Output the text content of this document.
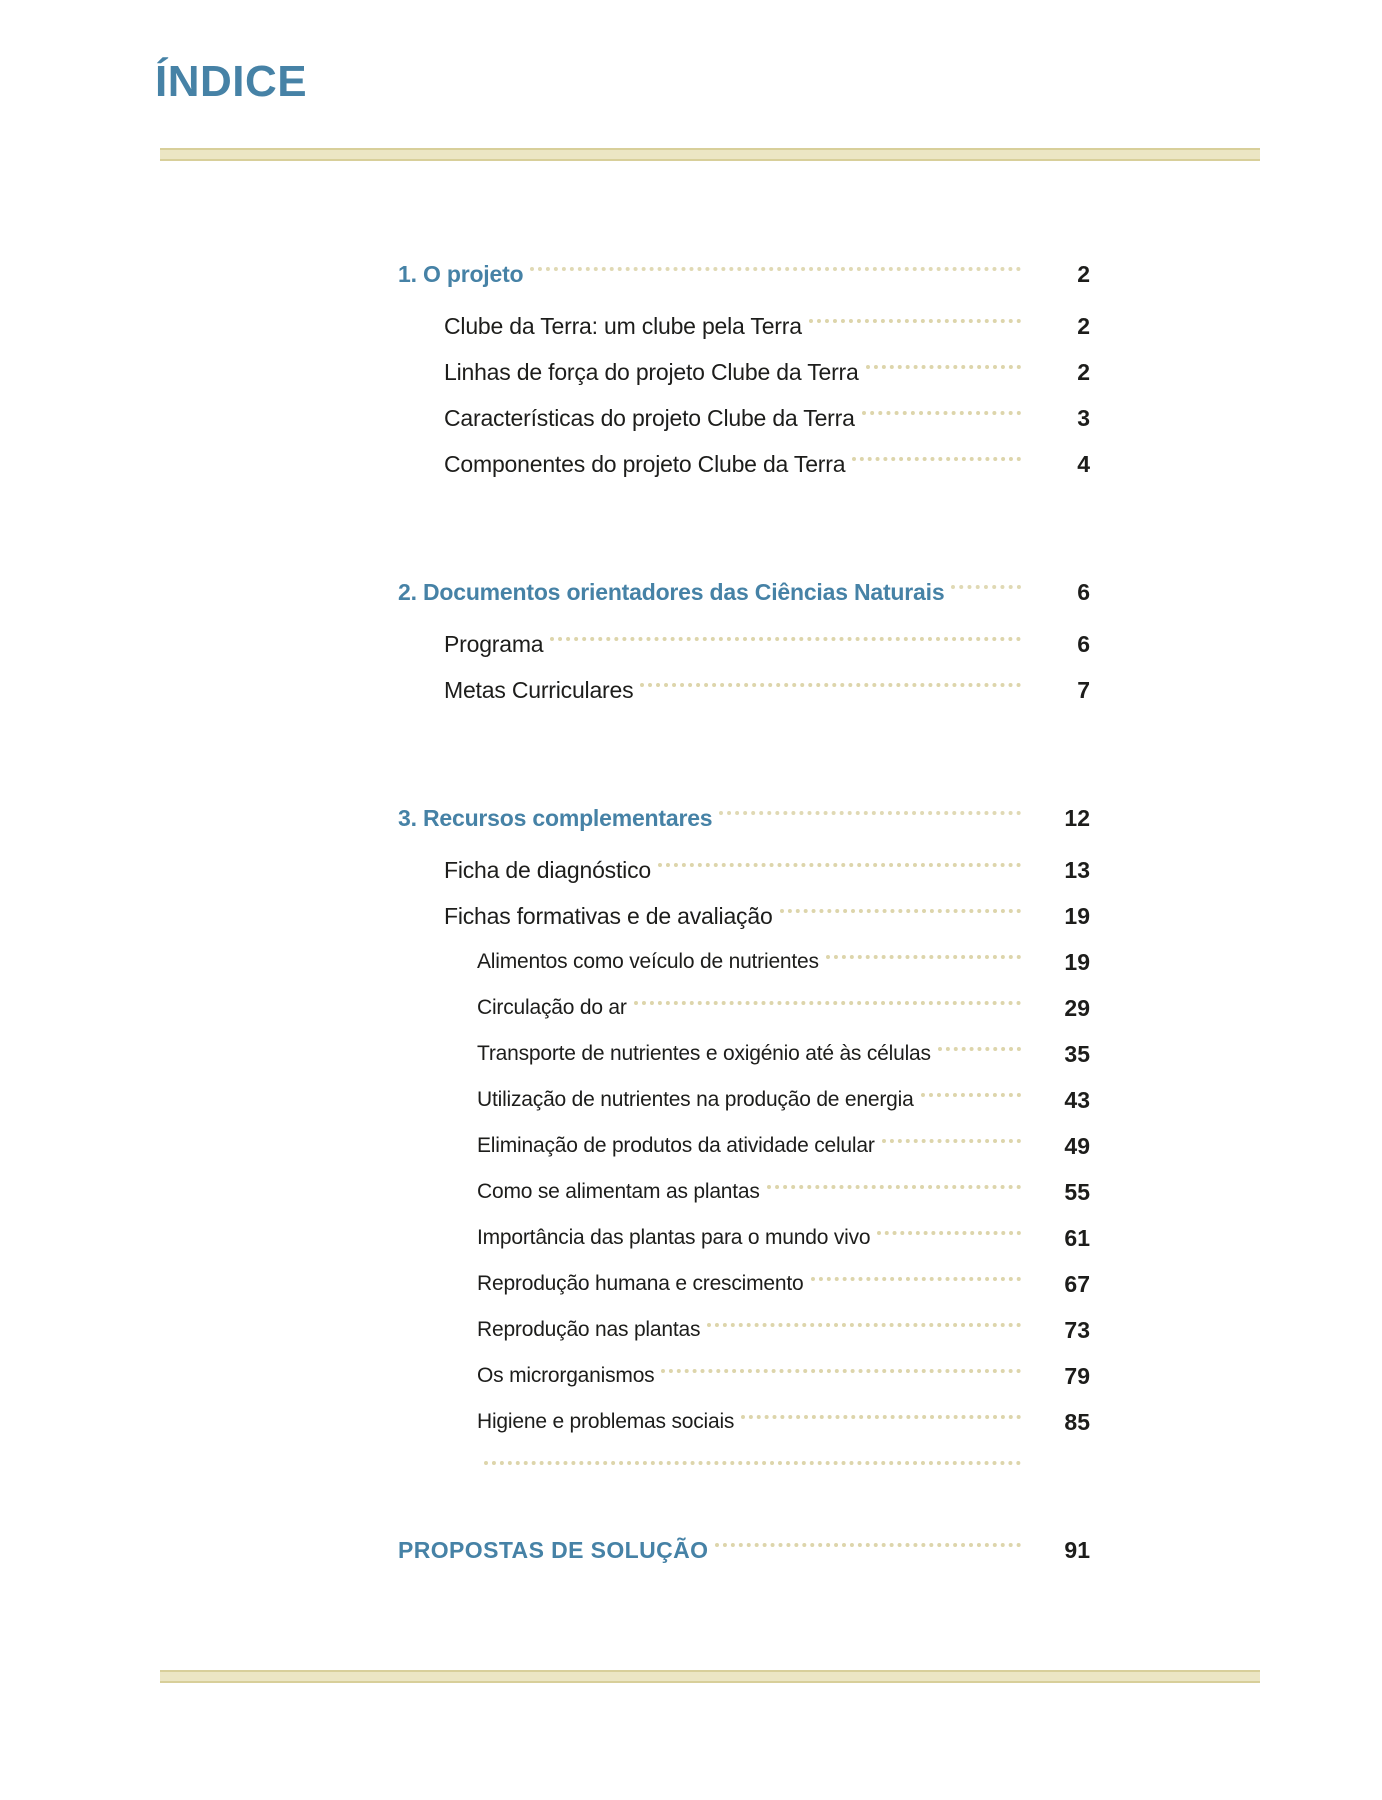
ÍNDICE
1. O projeto	2
Clube da Terra: um clube pela Terra	2
Linhas de força do projeto Clube da Terra	2
Características do projeto Clube da Terra	3
Componentes do projeto Clube da Terra	4
2. Documentos orientadores das Ciências Naturais	6
Programa	6
Metas Curriculares	7
3. Recursos complementares	12
Ficha de diagnóstico	13
Fichas formativas e de avaliação	19
Alimentos como veículo de nutrientes	19
Circulação do ar	29
Transporte de nutrientes e oxigénio até às células	35
Utilização de nutrientes na produção de energia	43
Eliminação de produtos da atividade celular	49
Como se alimentam as plantas	55
Importância das plantas para o mundo vivo	61
Reprodução humana e crescimento	67
Reprodução nas plantas	73
Os microrganismos	79
Higiene e problemas sociais	85
PROPOSTAS DE SOLUÇÃO	91
